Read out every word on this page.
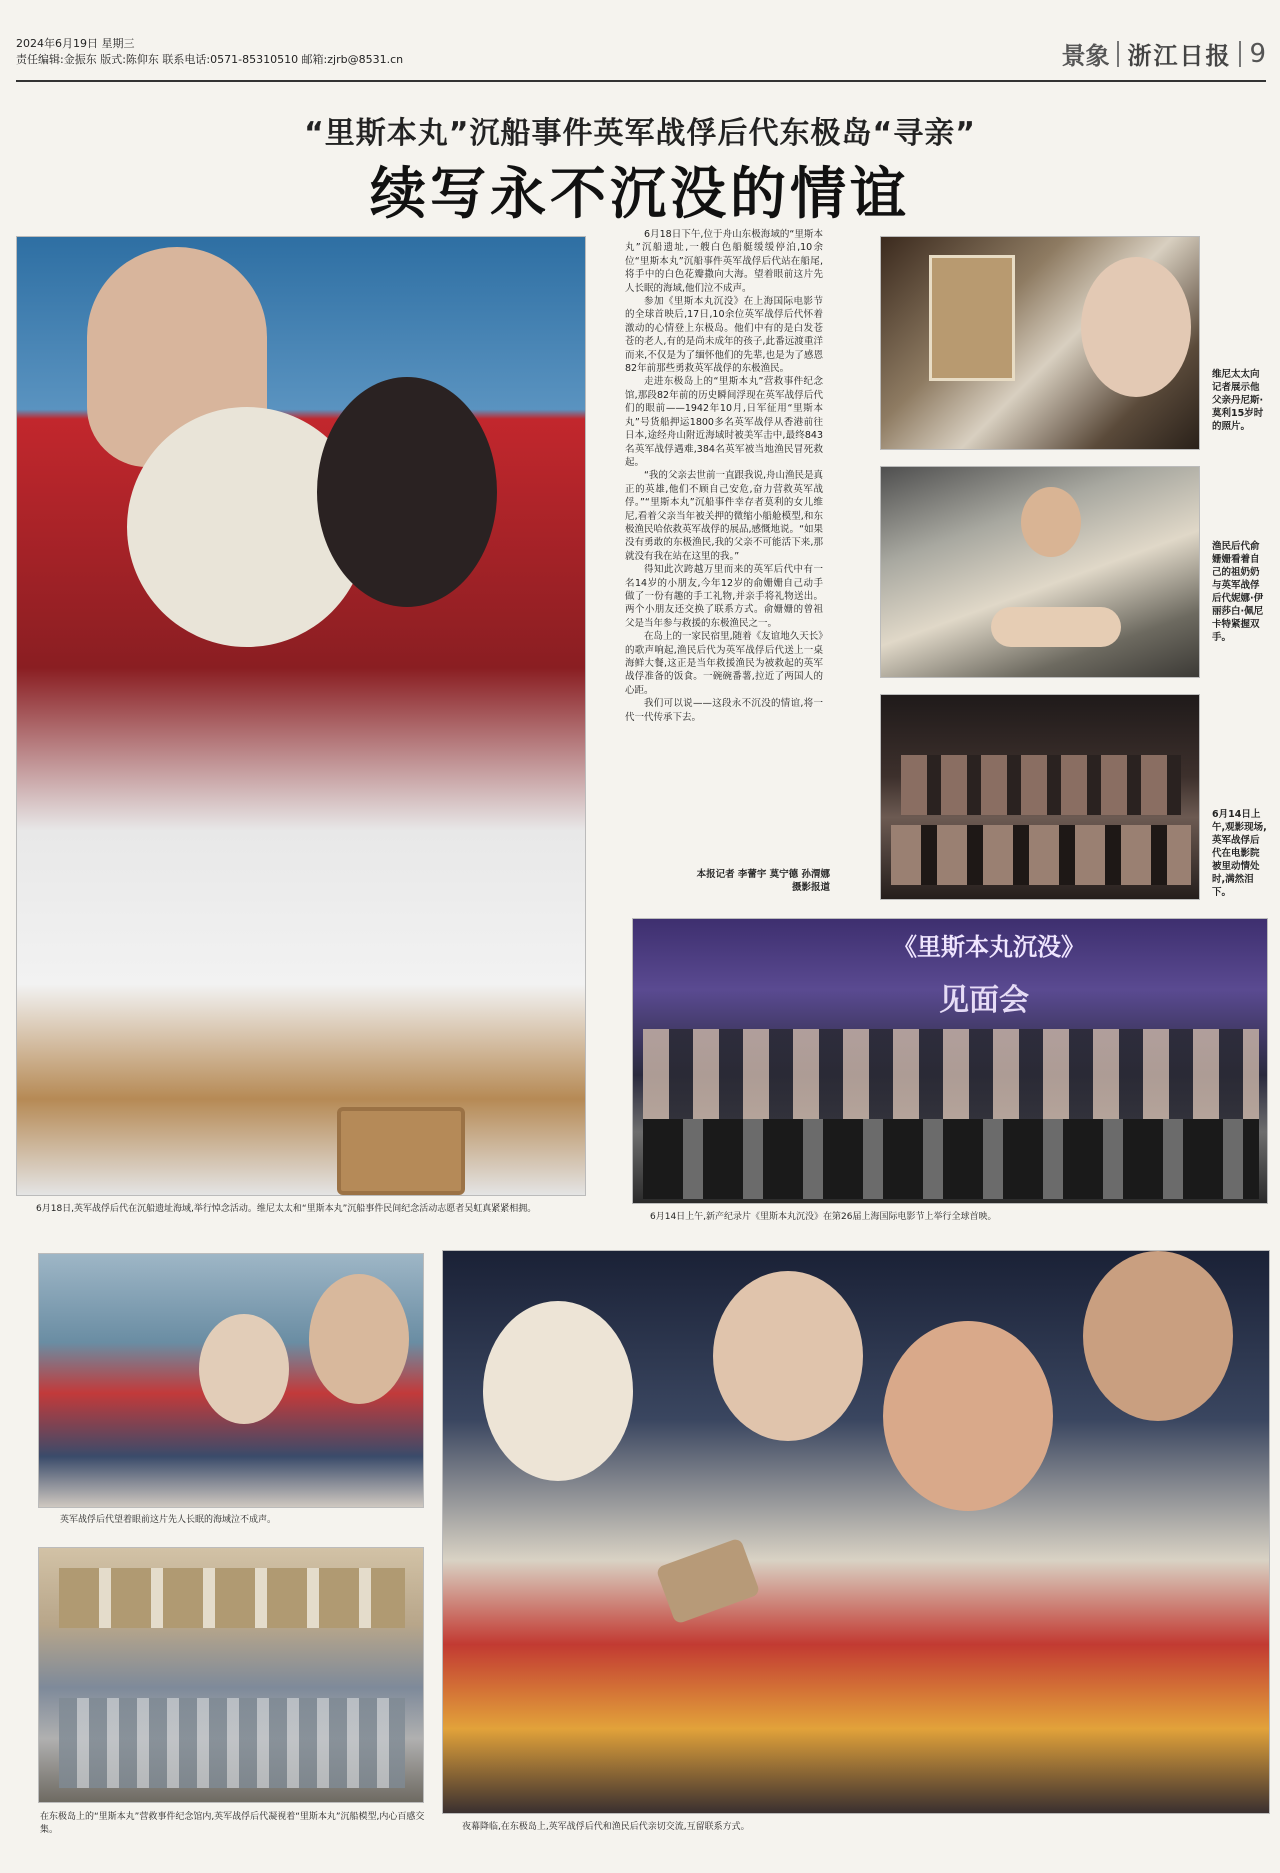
2024年6月19日 星期三
责任编辑:金振东 版式:陈仰东 联系电话:0571-85310510 邮箱:zjrb@8531.cn	景象 浙江日报 9
“里斯本丸”沉船事件英军战俘后代东极岛“寻亲”
续写永不沉没的情谊
6月18日,英军战俘后代在沉船遗址海域,举行悼念活动。维尼太太和“里斯本丸”沉船事件民间纪念活动志愿者吴虹真紧紧相拥。

6月18日下午,位于舟山东极海域的“里斯本丸”沉船遗址,一艘白色船艇缓缓停泊,10余位“里斯本丸”沉船事件英军战俘后代站在船尾,将手中的白色花瓣撒向大海。望着眼前这片先人长眠的海域,他们泣不成声。

参加《里斯本丸沉没》在上海国际电影节的全球首映后,17日,10余位英军战俘后代怀着激动的心情登上东极岛。他们中有的是白发苍苍的老人,有的是尚未成年的孩子,此番远渡重洋而来,不仅是为了缅怀他们的先辈,也是为了感恩82年前那些勇救英军战俘的东极渔民。

走进东极岛上的“里斯本丸”营救事件纪念馆,那段82年前的历史瞬间浮现在英军战俘后代们的眼前——1942年10月,日军征用“里斯本丸”号货船押运1800多名英军战俘从香港前往日本,途经舟山附近海域时被美军击中,最终843名英军战俘遇难,384名英军被当地渔民冒死救起。

“我的父亲去世前一直跟我说,舟山渔民是真正的英雄,他们不顾自己安危,奋力营救英军战俘。”“里斯本丸”沉船事件幸存者莫利的女儿维尼,看着父亲当年被关押的微缩小船舱模型,和东极渔民哈依救英军战俘的展品,感慨地说。“如果没有勇敢的东极渔民,我的父亲不可能活下来,那就没有我在站在这里的我。”

得知此次跨越万里而来的英军后代中有一名14岁的小朋友,今年12岁的俞姗姗自己动手做了一份有趣的手工礼物,并亲手将礼物送出。两个小朋友还交换了联系方式。俞姗姗的曾祖父是当年参与救援的东极渔民之一。

在岛上的一家民宿里,随着《友谊地久天长》的歌声响起,渔民后代为英军战俘后代送上一桌海鲜大餐,这正是当年救援渔民为被救起的英军战俘准备的饭食。一碗碗番薯,拉近了两国人的心距。

我们可以说——这段永不沉没的情谊,将一代一代传承下去。

本报记者 李蕾宇 莫宁德 孙渭娜
摄影报道
维尼太太向记者展示他父亲丹尼斯·莫利15岁时的照片。
渔民后代俞姗姗看着自己的祖奶奶与英军战俘后代妮娜·伊丽莎白·佩尼卡特紧握双手。
6月14日上午,观影现场,英军战俘后代在电影院被里动情处时,满然泪下。
《里斯本丸沉没》
见面会
6月14日上午,新产纪录片《里斯本丸沉没》在第26届上海国际电影节上举行全球首映。
英军战俘后代望着眼前这片先人长眠的海域泣不成声。
在东极岛上的“里斯本丸”营救事件纪念馆内,英军战俘后代凝视着“里斯本丸”沉船模型,内心百感交集。	夜幕降临,在东极岛上,英军战俘后代和渔民后代亲切交流,互留联系方式。
